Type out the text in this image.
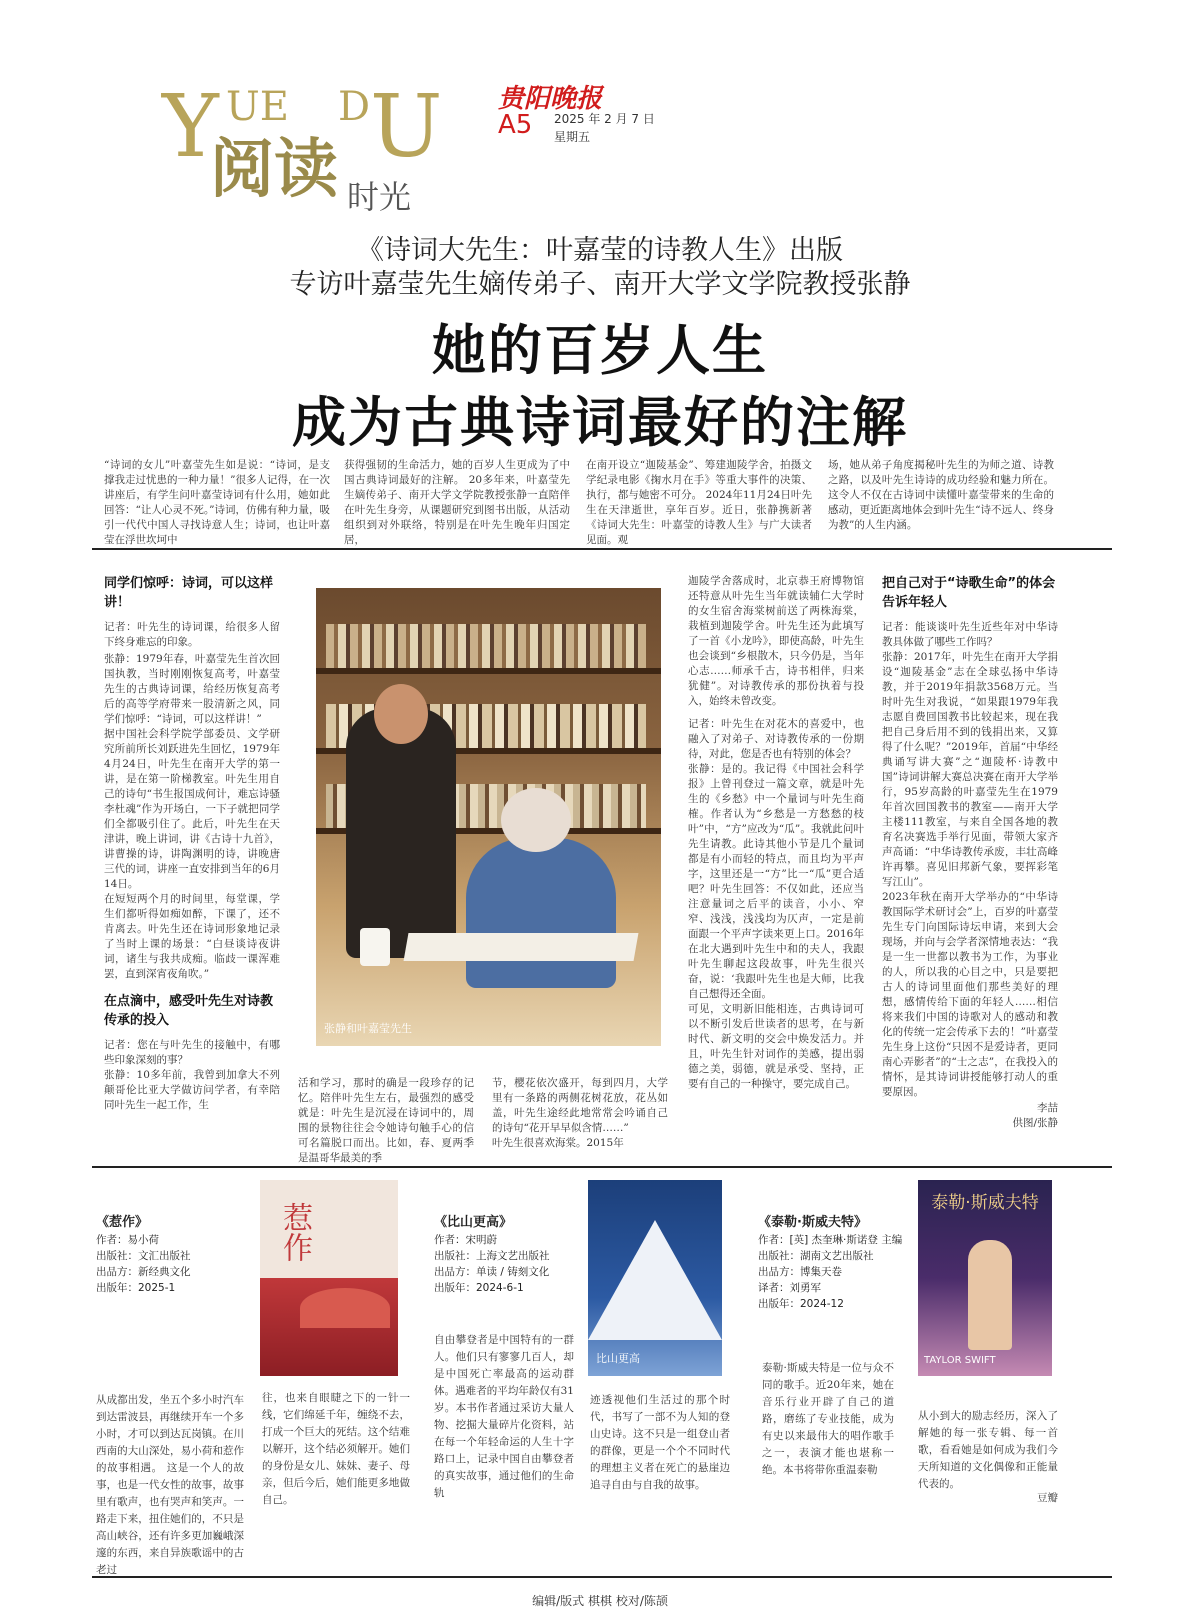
Y UE D U
阅读 时光
贵阳晚报
A5 2025 年 2 月 7 日
星期五
《诗词大先生：叶嘉莹的诗教人生》出版
专访叶嘉莹先生嫡传弟子、南开大学文学院教授张静
她的百岁人生
成为古典诗词最好的注解
“诗词的女儿”叶嘉莹先生如是说：“诗词，是支撑我走过忧患的一种力量！”很多人记得，在一次讲座后，有学生问叶嘉莹诗词有什么用，她如此回答：“让人心灵不死。”诗词，仿佛有种力量，吸引一代代中国人寻找诗意人生；诗词，也让叶嘉莹在浮世坎坷中
获得强韧的生命活力，她的百岁人生更成为了中国古典诗词最好的注解。 20多年来，叶嘉莹先生嫡传弟子、南开大学文学院教授张静一直陪伴在叶先生身旁，从课题研究到图书出版，从活动组织到对外联络，特别是在叶先生晚年归国定居，
在南开设立“迦陵基金”、筹建迦陵学舍，拍摄文学纪录电影《掬水月在手》等重大事件的决策、执行，都与她密不可分。 2024年11月24日叶先生在天津逝世，享年百岁。近日，张静携新著《诗词大先生：叶嘉莹的诗教人生》与广大读者见面。观
场，她从弟子角度揭秘叶先生的为师之道、诗教之路，以及叶先生诗诗的成功经验和魅力所在。这令人不仅在古诗词中读懂叶嘉莹带来的生命的感动，更近距离地体会到叶先生“诗不远人、终身为教”的人生内涵。
同学们惊呼：诗词，可以这样讲！
记者：叶先生的诗词课，给很多人留下终身难忘的印象。
张静：1979年春，叶嘉莹先生首次回国执教，当时刚刚恢复高考，叶嘉莹先生的古典诗词课，给经历恢复高考后的高等学府带来一股清新之风，同学们惊呼：“诗词，可以这样讲！”
据中国社会科学院学部委员、文学研究所前所长刘跃进先生回忆，1979年4月24日，叶先生在南开大学的第一讲，是在第一阶梯教室。叶先生用自己的诗句“书生报国成何计，难忘诗骚李杜魂”作为开场白，一下子就把同学们全都吸引住了。此后，叶先生在天津讲，晚上讲词，讲《古诗十九首》，讲曹操的诗，讲陶渊明的诗，讲晚唐三代的词，讲座一直安排到当年的6月14日。
在短短两个月的时间里，每堂课，学生们都听得如痴如醉，下课了，还不肯离去。叶先生还在诗词形象地记录了当时上课的场景：“白昼谈诗夜讲词，诸生与我共成痴。临歧一课浑难罢，直到深宵夜角吹。”
在点滴中，感受叶先生对诗教传承的投入
记者：您在与叶先生的接触中，有哪些印象深刻的事？
张静：10多年前，我曾到加拿大不列颠哥伦比亚大学做访问学者，有幸陪同叶先生一起工作，生
张静和叶嘉莹先生
活和学习，那时的确是一段珍存的记忆。陪伴叶先生左右，最强烈的感受就是：叶先生是沉浸在诗词中的，周围的景物往往会令她诗句触手心的信可名篇脱口而出。比如，春、夏两季是温哥华最美的季
节，樱花依次盛开，每到四月，大学里有一条路的两侧花树花放，花丛如盖，叶先生途经此地常常会吟诵自己的诗句“花开早早似含情……”
叶先生很喜欢海棠。2015年
迦陵学舍落成时，北京恭王府博物馆还特意从叶先生当年就读辅仁大学时的女生宿舍海棠树前送了两株海棠，栽植到迦陵学舍。叶先生还为此填写了一首《小龙吟》，即使高龄，叶先生也会谈到“乡根散木，只今仍是，当年心志……师承千古，诗书相伴，归来犹健”。对诗教传承的那份执着与投入，始终未曾改变。
记者：叶先生在对花木的喜爱中，也融入了对弟子、对诗教传承的一份期待，对此，您是否也有特别的体会？
张静：是的。我记得《中国社会科学报》上曾刊登过一篇文章，就是叶先生的《乡愁》中一个量词与叶先生商榷。作者认为“乡愁是一方愁愁的枝叶”中，“方”应改为“瓜”。我就此问叶先生请教。此诗其他小节是几个量词都是有小而轻的特点，而且均为平声字，这里还是一“方”比一“瓜”更合适吧？叶先生回答：不仅如此，还应当注意量词之后平的读音，小小、窄窄、浅浅，浅浅均为仄声，一定是前面跟一个平声字读来更上口。2016年在北大遇到叶先生中和的夫人，我跟叶先生聊起这段故事，叶先生很兴奋，说：‘我跟叶先生也是大师，比我自己想得还全面。
可见，文明新旧能相连，古典诗词可以不断引发后世读者的思考，在与新时代、新文明的交会中焕发活力。并且，叶先生针对词作的美感，提出弱德之美，弱德，就是承受、坚持，正要有自己的一种操守，要完成自己。
把自己对于“诗歌生命”的体会告诉年轻人
记者：能谈谈叶先生近些年对中华诗教具体做了哪些工作吗？
张静：2017年，叶先生在南开大学捐设“迦陵基金”志在全球弘扬中华诗教，并于2019年捐款3568万元。当时叶先生对我说，“如果跟1979年我志愿自费回国教书比较起来，现在我把自己身后用不到的钱捐出来，又算得了什么呢？”2019年，首届“中华经典诵写讲大赛”之“迦陵杯·诗教中国”诗词讲解大赛总决赛在南开大学举行，95岁高龄的叶嘉莹先生在1979年首次回国教书的教室——南开大学主楼111教室，与来自全国各地的教育名决赛选手举行见面，带领大家齐声高诵：“中华诗教传承废，丰壮高峰许再攀。喜见旧邦新气象，要挥彩笔写江山”。
2023年秋在南开大学举办的“中华诗教国际学术研讨会”上，百岁的叶嘉莹先生专门向国际诗坛申请，来到大会现场，并向与会学者深情地表达：“我是一生一世都以教书为工作，为事业的人，所以我的心目之中，只是要把古人的诗词里面他们那些美好的理想，感情传给下面的年轻人……相信将来我们中国的诗歌对人的感动和教化的传统一定会传承下去的！”叶嘉莹先生身上这份“只因不是爱诗者，更同南心弄影者”的“士之志”，在我投入的情怀，是其诗词讲授能够打动人的重要原因。
李喆
供图/张静
《惹作》
作者：易小荷
出版社：文汇出版社
出品方：新经典文化
出版年：2025-1
惹作
从成都出发，坐五个多小时汽车到达雷波县，再继续开车一个多小时，才可以到达瓦岗镇。在川西南的大山深处，易小荷和惹作的故事相遇。 这是一个人的故事，也是一代女性的故事，故事里有歌声，也有哭声和笑声。一路走下来，扭住她们的，不只是高山峡谷，还有许多更加巍峨深邃的东西，来自异族歌谣中的古老过
往，也来自眼睫之下的一针一线，它们绵延千年，缠绕不去，打成一个巨大的死结。这个结难以解开，这个结必须解开。她们的身份是女儿、妹妹、妻子、母亲，但后今后，她们能更多地做自己。
《比山更高》
作者：宋明蔚
出版社：上海文艺出版社
出品方：单读 / 铸刻文化
出版年：2024-6-1
比山更高
自由攀登者是中国特有的一群人。他们只有寥寥几百人，却是中国死亡率最高的运动群体。遇难者的平均年龄仅有31岁。本书作者通过采访大量人物、挖掘大量碎片化资料，站在每一个年轻命运的人生十字路口上，记录中国自由攀登者的真实故事，通过他们的生命轨
迹透视他们生活过的那个时代，书写了一部不为人知的登山史诗。这不只是一组登山者的群像，更是一个个不同时代的理想主义者在死亡的悬崖边追寻自由与自我的故事。
《泰勒·斯威夫特》
作者：[英] 杰奎琳·斯诺登 主编
出版社：湖南文艺出版社
出品方：博集天卷
译者：刘勇军
出版年：2024-12
泰勒·斯威夫特
TAYLOR SWIFT
泰勒·斯威夫特是一位与众不同的歌手。近20年来，她在音乐行业开辟了自己的道路，磨练了专业技能，成为有史以来最伟大的唱作歌手之一，表演才能也堪称一绝。本书将带你重温泰勒
从小到大的励志经历，深入了解她的每一张专辑、每一首歌，看看她是如何成为我们今天所知道的文化偶像和正能量代表的。
豆瓣
编辑/版式 棋棋 校对/陈颉
